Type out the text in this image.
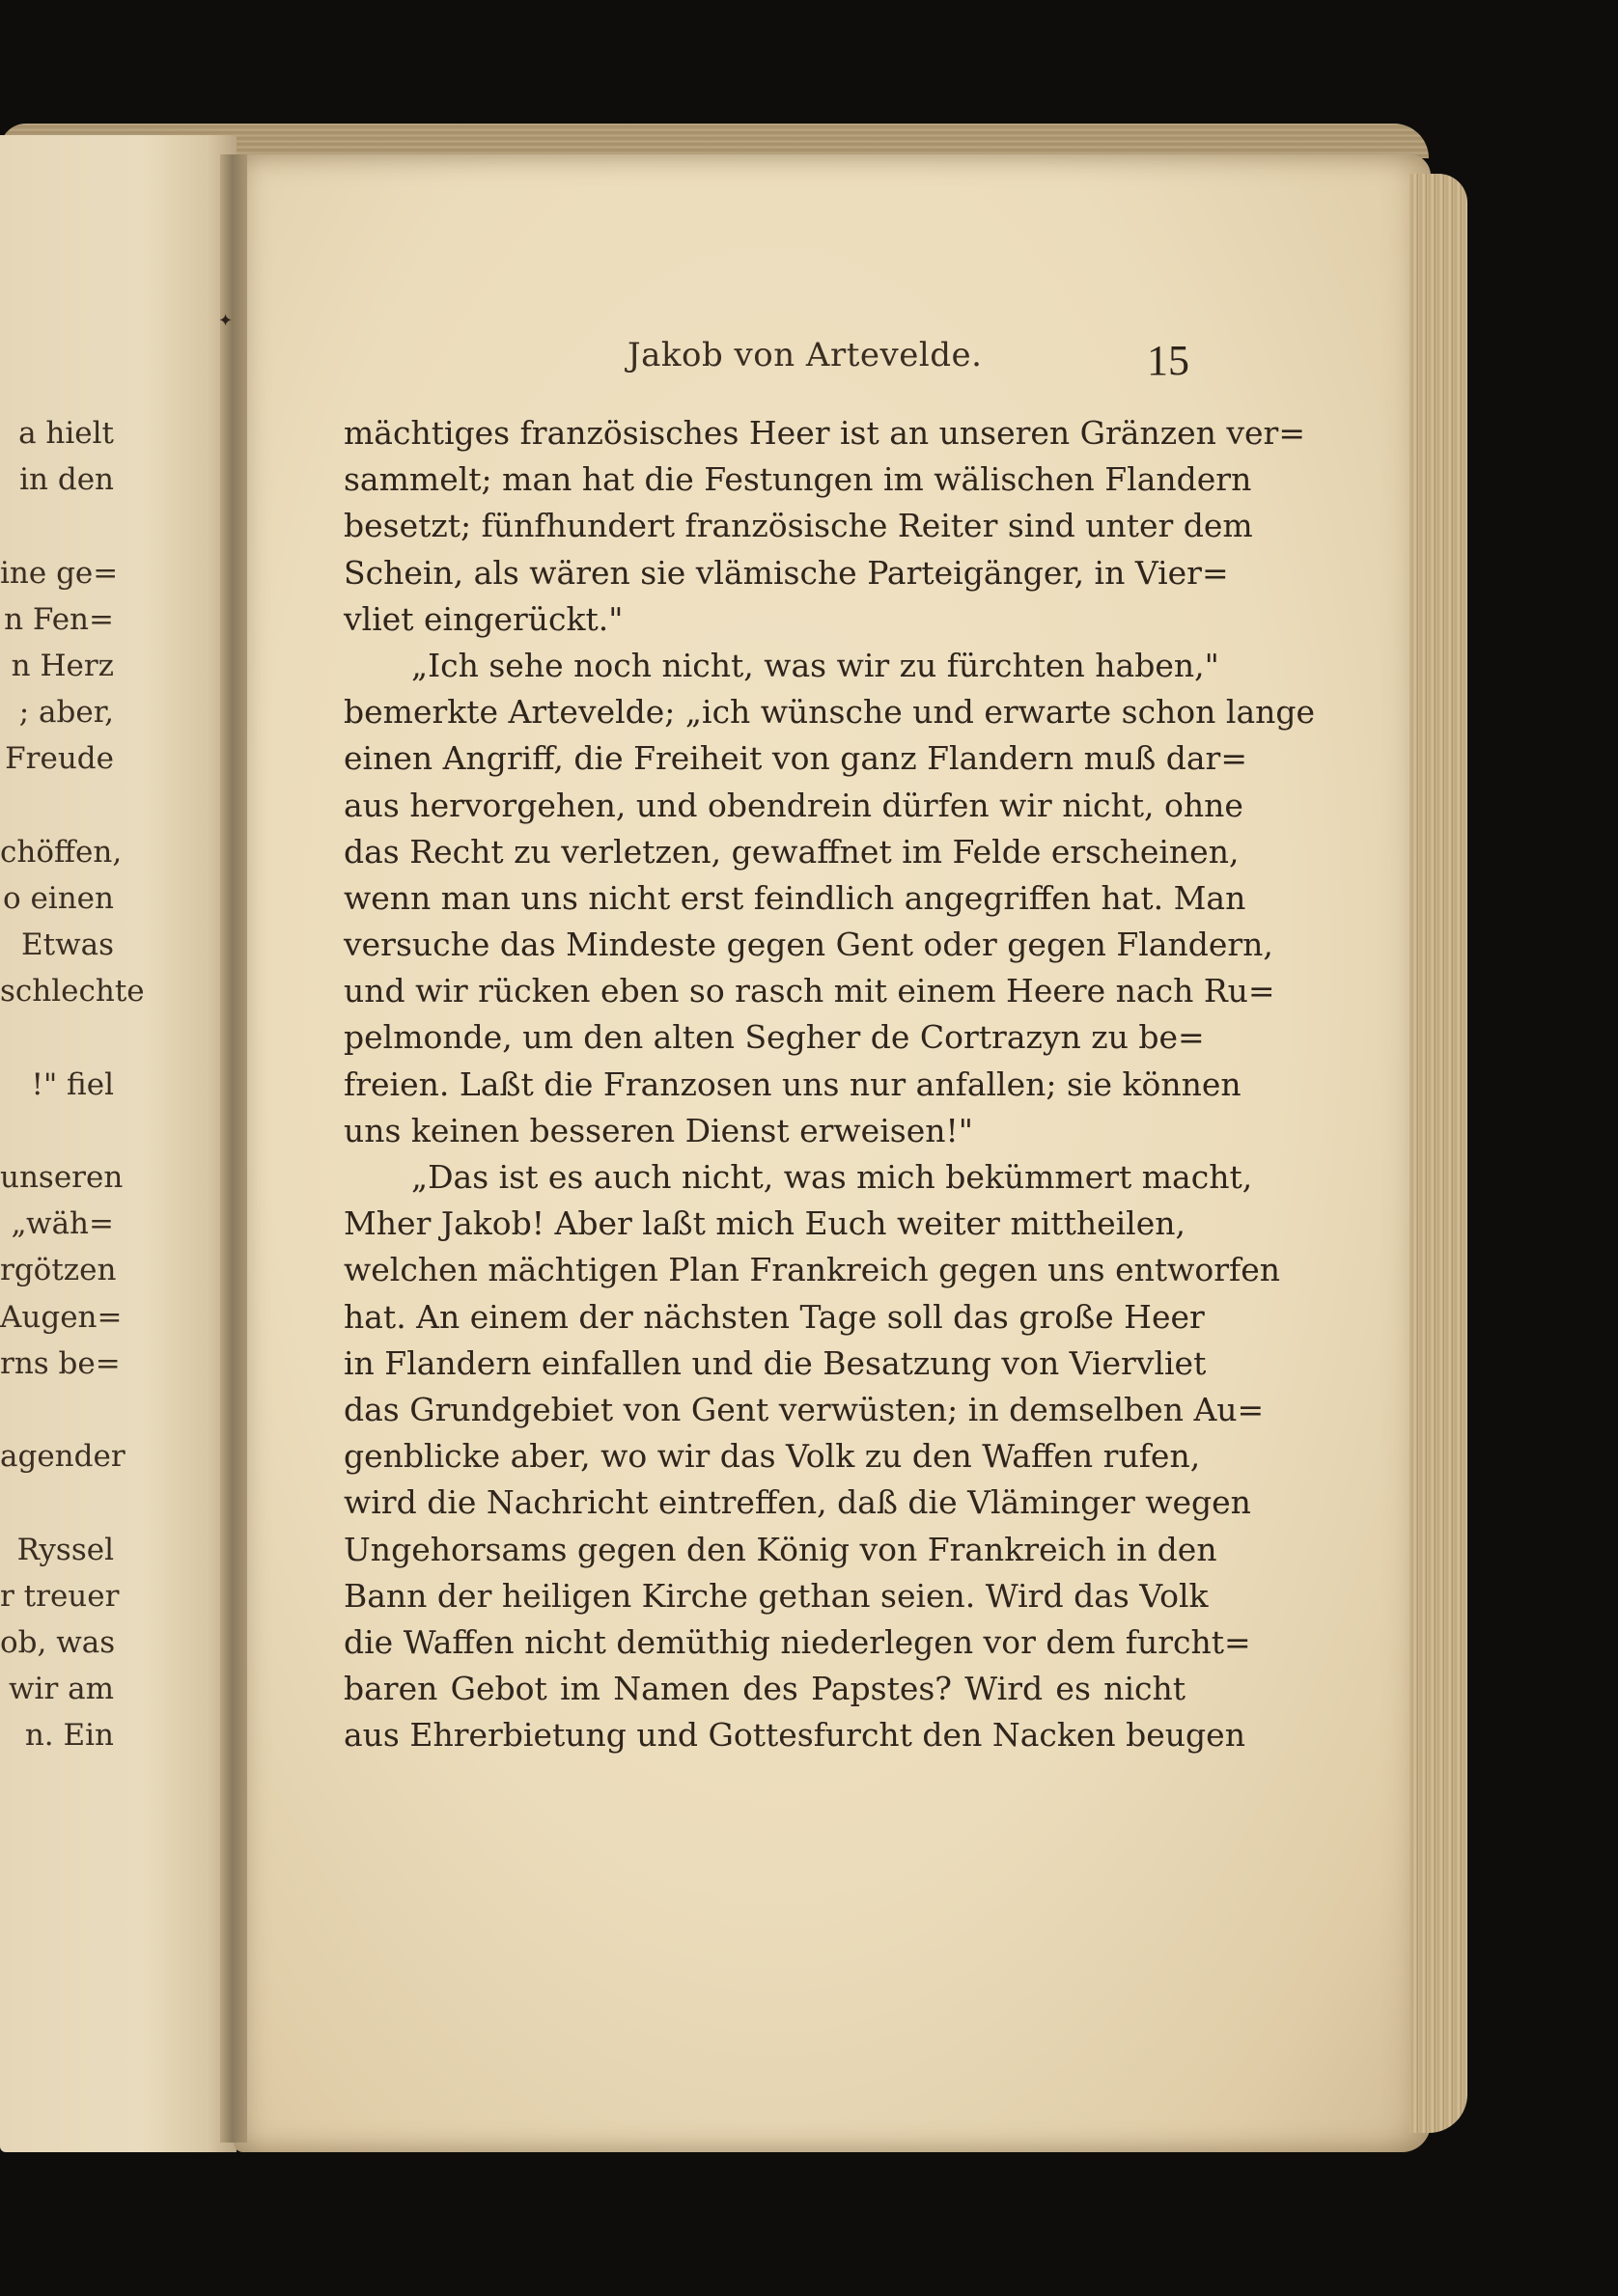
✦
a hielt
in den
ine ge=
n Fen=
n Herz
; aber,
Freude
chöffen,
o einen
Etwas
schlechte
!" fiel
unseren
„wäh=
rgötzen
Augen=
rns be=
agender
Ryssel
r treuer
ob, was
wir am
n. Ein
Jakob von Artevelde.	15
mächtiges französisches Heer ist an unseren Gränzen ver=
sammelt; man hat die Festungen im wälischen Flandern
besetzt; fünfhundert französische Reiter sind unter dem
Schein, als wären sie vlämische Parteigänger, in Vier=
vliet eingerückt."
„Ich sehe noch nicht, was wir zu fürchten haben,"
bemerkte Artevelde; „ich wünsche und erwarte schon lange
einen Angriff, die Freiheit von ganz Flandern muß dar=
aus hervorgehen, und obendrein dürfen wir nicht, ohne
das Recht zu verletzen, gewaffnet im Felde erscheinen,
wenn man uns nicht erst feindlich angegriffen hat. Man
versuche das Mindeste gegen Gent oder gegen Flandern,
und wir rücken eben so rasch mit einem Heere nach Ru=
pelmonde, um den alten Segher de Cortrazyn zu be=
freien. Laßt die Franzosen uns nur anfallen; sie können
uns keinen besseren Dienst erweisen!"
„Das ist es auch nicht, was mich bekümmert macht,
Mher Jakob! Aber laßt mich Euch weiter mittheilen,
welchen mächtigen Plan Frankreich gegen uns entworfen
hat. An einem der nächsten Tage soll das große Heer
in Flandern einfallen und die Besatzung von Viervliet
das Grundgebiet von Gent verwüsten; in demselben Au=
genblicke aber, wo wir das Volk zu den Waffen rufen,
wird die Nachricht eintreffen, daß die Vläminger wegen
Ungehorsams gegen den König von Frankreich in den
Bann der heiligen Kirche gethan seien. Wird das Volk
die Waffen nicht demüthig niederlegen vor dem furcht=
baren Gebot im Namen des Papstes? Wird es nicht
aus Ehrerbietung und Gottesfurcht den Nacken beugen
